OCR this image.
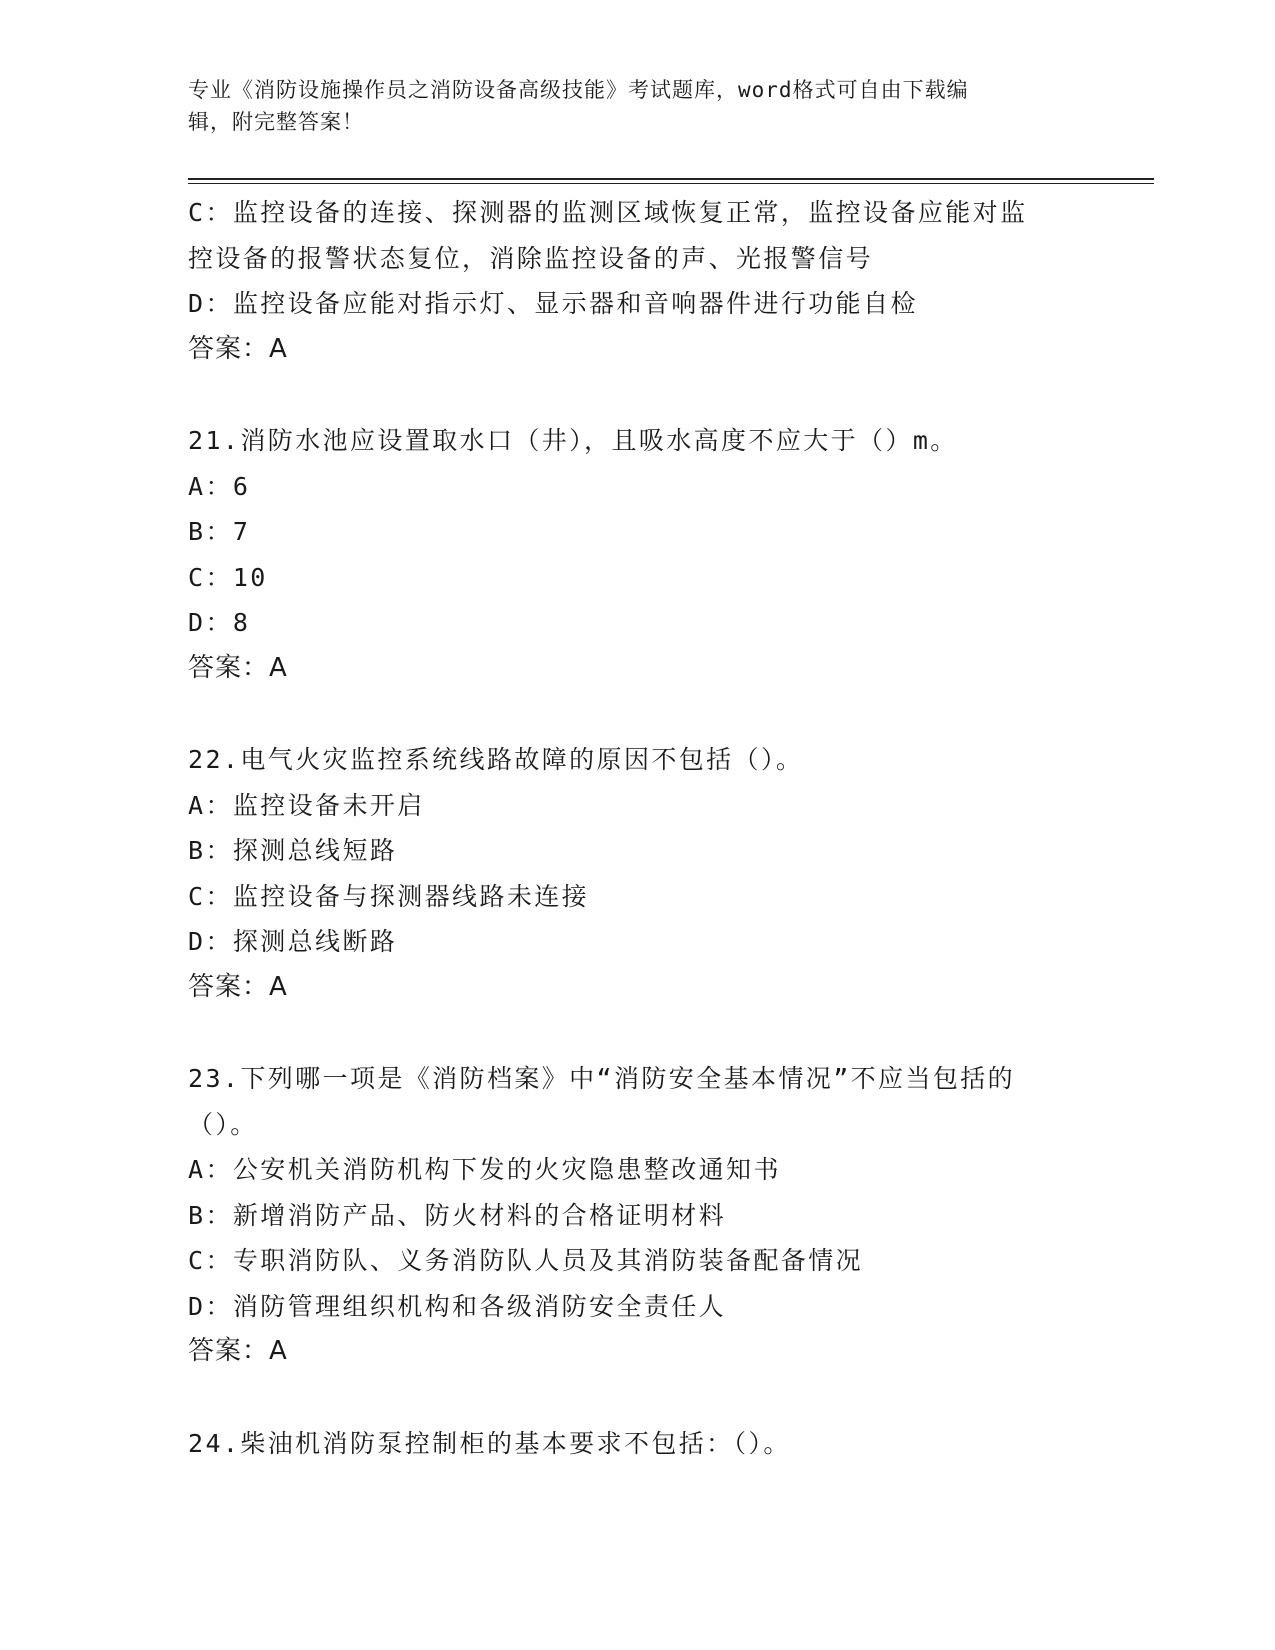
专业《消防设施操作员之消防设备高级技能》考试题库，word格式可自由下载编
辑，附完整答案！
C：监控设备的连接、探测器的监测区域恢复正常，监控设备应能对监
控设备的报警状态复位，消除监控设备的声、光报警信号
D：监控设备应能对指示灯、显示器和音响器件进行功能自检
答案：A
21.消防水池应设置取水口（井），且吸水高度不应大于（）m。
A：6
B：7
C：10
D：8
答案：A
22.电气火灾监控系统线路故障的原因不包括（）。
A：监控设备未开启
B：探测总线短路
C：监控设备与探测器线路未连接
D：探测总线断路
答案：A
23.下列哪一项是《消防档案》中“消防安全基本情况”不应当包括的
（）。
A：公安机关消防机构下发的火灾隐患整改通知书
B：新增消防产品、防火材料的合格证明材料
C：专职消防队、义务消防队人员及其消防装备配备情况
D：消防管理组织机构和各级消防安全责任人
答案：A
24.柴油机消防泵控制柜的基本要求不包括：（）。
